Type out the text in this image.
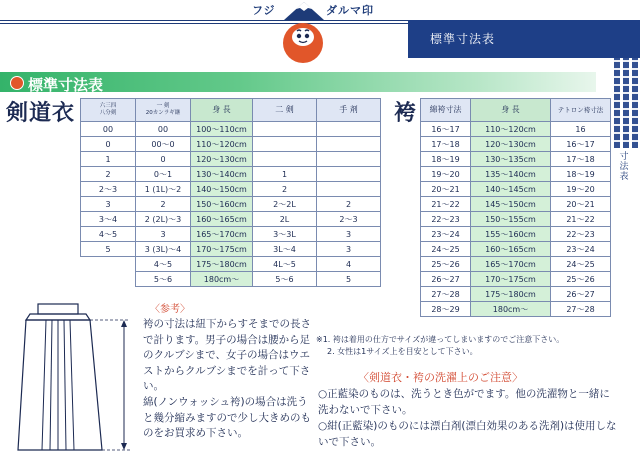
フジ	ダルマ印
標準寸法表
標準寸法表
寸
法
表
剣道衣	六三四
八分剣	一 剣
20カンラギ継	身 長	二 剣	手 剤
00	00	100～110cm		
0	00～0	110～120cm		
1	0	120～130cm		
2	0～1	130～140cm	1	
2～3	1 (1L)～2	140～150cm	2	
3	2	150～160cm	2～2L	2
3～4	2 (2L)～3	160～165cm	2L	2～3
4～5	3	165～170cm	3～3L	3
5	3 (3L)～4	170～175cm	3L～4	3
	4～5	175～180cm	4L～5	4
	5～6	180cm～	5～6	5
袴 綿袴寸法	身 長	テトロン袴寸法

16～17	110～120cm	16
17～18	120～130cm	16～17
18～19	130～135cm	17～18
19～20	135～140cm	18～19
20～21	140～145cm	19～20
21～22	145～150cm	20～21
22～23	150～155cm	21～22
23～24	155～160cm	22～23
24～25	160～165cm	23～24
25～26	165～170cm	24～25
26～27	170～175cm	25～26
27～28	175～180cm	26～27
28～29	180cm～	27～28
〈参考〉

袴の寸法は紐下からすそまでの長さで計ります。男子の場合は腰から足のクルブシまで、女子の場合はウエストからクルブシまでを計って下さい。

綿(ノンウォッシュ袴)の場合は洗うと幾分縮みますので少し大きめのものをお買求め下さい。

※1. 袴は着用の仕方でサイズが違ってしまいますのでご注意下さい。
2. 女性は1サイズ上を目安として下さい。
〈剣道衣・袴の洗濯上のご注意〉

○正藍染のものは、洗うとき色がでます。他の洗濯物と一緒に洗わないで下さい。

○紺(正藍染)のものには漂白剤(漂白効果のある洗剤)は使用しないで下さい。
